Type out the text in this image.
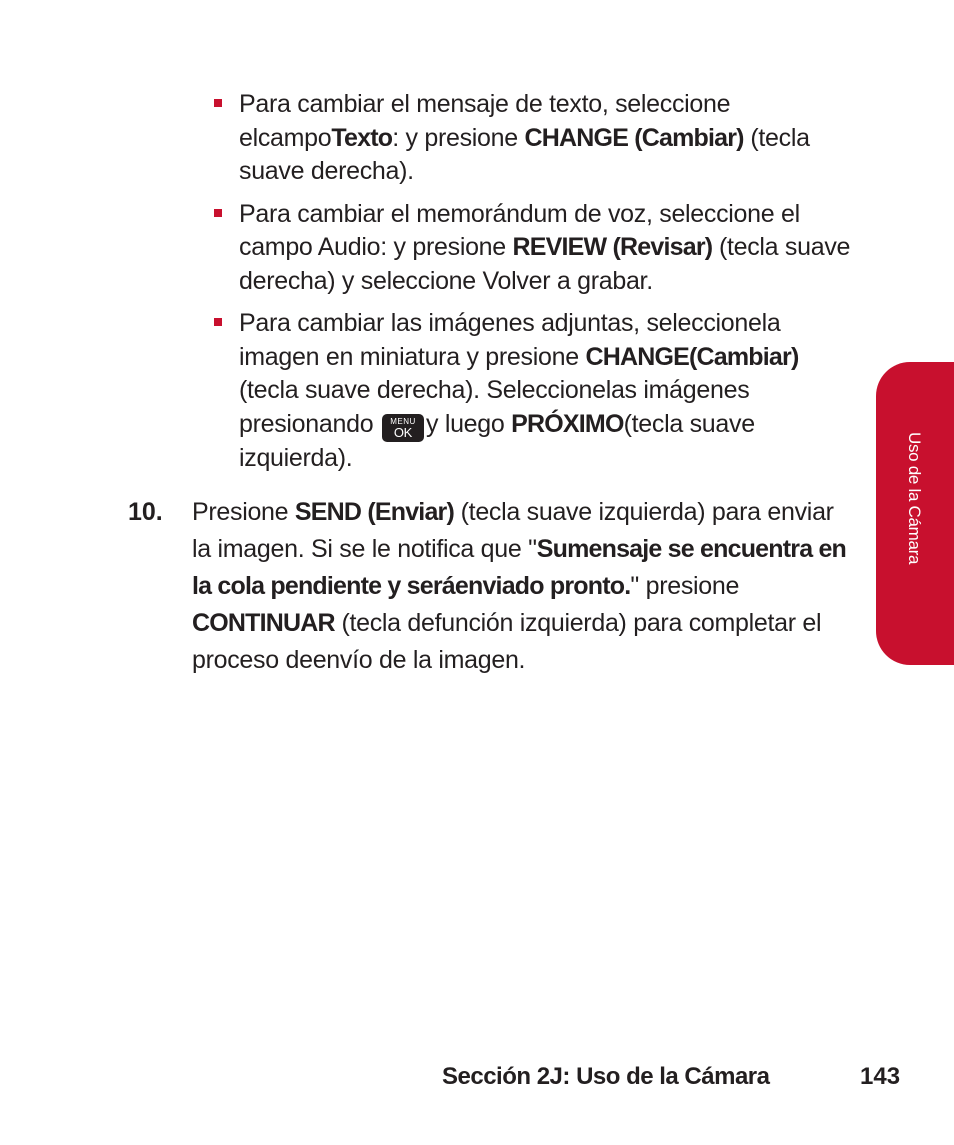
Para cambiar el mensaje de texto, seleccione elcampoTexto: y presione CHANGE (Cambiar) (tecla suave derecha).
Para cambiar el memorándum de voz, seleccione el campo Audio: y presione REVIEW (Revisar) (tecla suave derecha) y seleccione Volver a grabar.
Para cambiar las imágenes adjuntas, seleccionela imagen en miniatura y presione CHANGE(Cambiar) (tecla suave derecha). Seleccionelas imágenes presionando	MENU
OK y luego PRÓXIMO(tecla suave izquierda).
10. Presione SEND (Enviar) (tecla suave izquierda) para enviar la imagen. Si se le notifica que "Sumensaje se encuentra en la cola pendiente y seráenviado pronto." presione CONTINUAR (tecla defunción izquierda) para completar el proceso deenvío de la imagen.
Uso de la Cámara
Sección 2J: Uso de la Cámara	143
